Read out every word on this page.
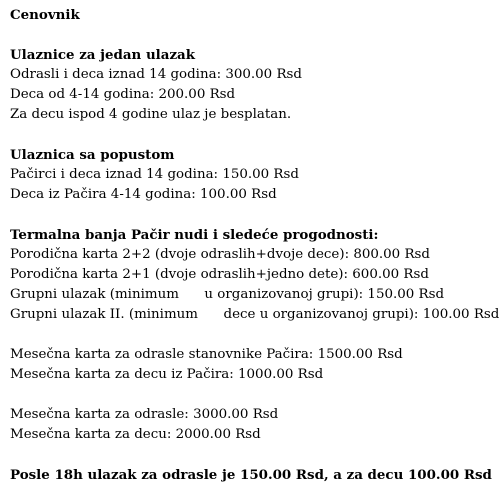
Cenovnik
Ulaznice za jedan ulazak
Odrasli i deca iznad 14 godina: 300.00 Rsd
Deca od 4-14 godina: 200.00 Rsd
Za decu ispod 4 godine ulaz je besplatan.
Ulaznica sa popustom
Pačirci i deca iznad 14 godina: 150.00 Rsd
Deca iz Pačira 4-14 godina: 100.00 Rsd
Termalna banja Pačir nudi i sledeće progodnosti:
Porodična karta 2+2 (dvoje odraslih+dvoje dece): 800.00 Rsd
Porodična karta 2+1 (dvoje odraslih+jedno dete): 600.00 Rsd
Grupni ulazak (minimum      u organizovanoj grupi): 150.00 Rsd
Grupni ulazak II. (minimum      dece u organizovanoj grupi): 100.00 Rsd
Mesečna karta za odrasle stanovnike Pačira: 1500.00 Rsd
Mesečna karta za decu iz Pačira: 1000.00 Rsd
Mesečna karta za odrasle: 3000.00 Rsd
Mesečna karta za decu: 2000.00 Rsd
Posle 18h ulazak za odrasle je 150.00 Rsd, a za decu 100.00 Rsd
